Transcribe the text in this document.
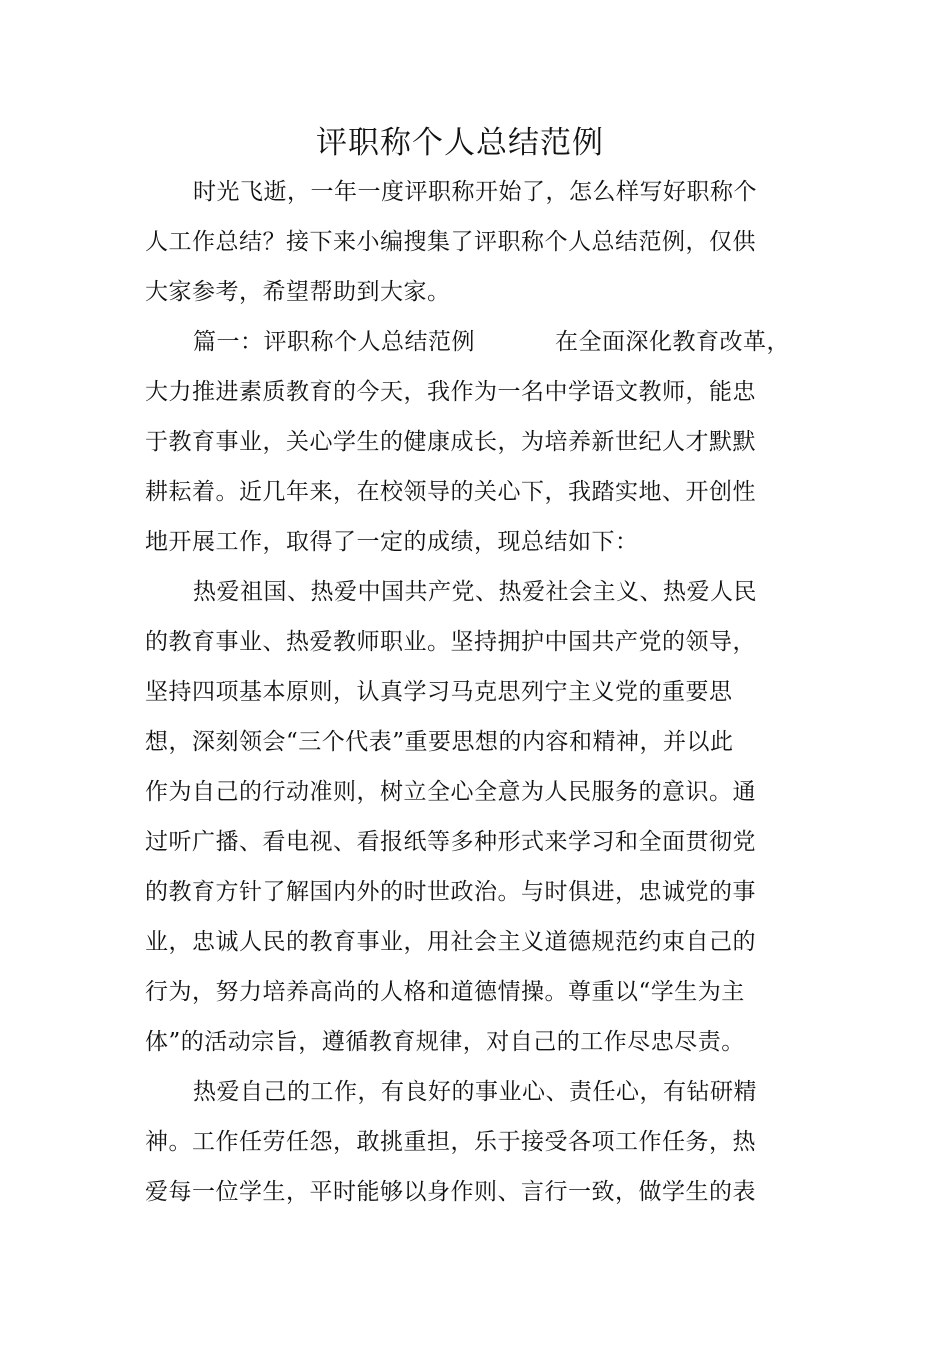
评职称个人总结范例
时光飞逝，一年一度评职称开始了，怎么样写好职称个
人工作总结？接下来小编搜集了评职称个人总结范例，仅供
大家参考，希望帮助到大家。
篇一：评职称个人总结范例	在全面深化教育改革，
大力推进素质教育的今天，我作为一名中学语文教师，能忠
于教育事业，关心学生的健康成长，为培养新世纪人才默默
耕耘着。近几年来，在校领导的关心下，我踏实地、开创性
地开展工作，取得了一定的成绩，现总结如下：
热爱祖国、热爱中国共产党、热爱社会主义、热爱人民
的教育事业、热爱教师职业。坚持拥护中国共产党的领导，
坚持四项基本原则，认真学习马克思列宁主义党的重要思
想，深刻领会“三个代表”重要思想的内容和精神，并以此
作为自己的行动准则，树立全心全意为人民服务的意识。通
过听广播、看电视、看报纸等多种形式来学习和全面贯彻党
的教育方针了解国内外的时世政治。与时俱进，忠诚党的事
业，忠诚人民的教育事业，用社会主义道德规范约束自己的
行为，努力培养高尚的人格和道德情操。尊重以“学生为主
体”的活动宗旨，遵循教育规律，对自己的工作尽忠尽责。
热爱自己的工作，有良好的事业心、责任心，有钻研精
神。工作任劳任怨，敢挑重担，乐于接受各项工作任务，热
爱每一位学生，平时能够以身作则、言行一致，做学生的表
